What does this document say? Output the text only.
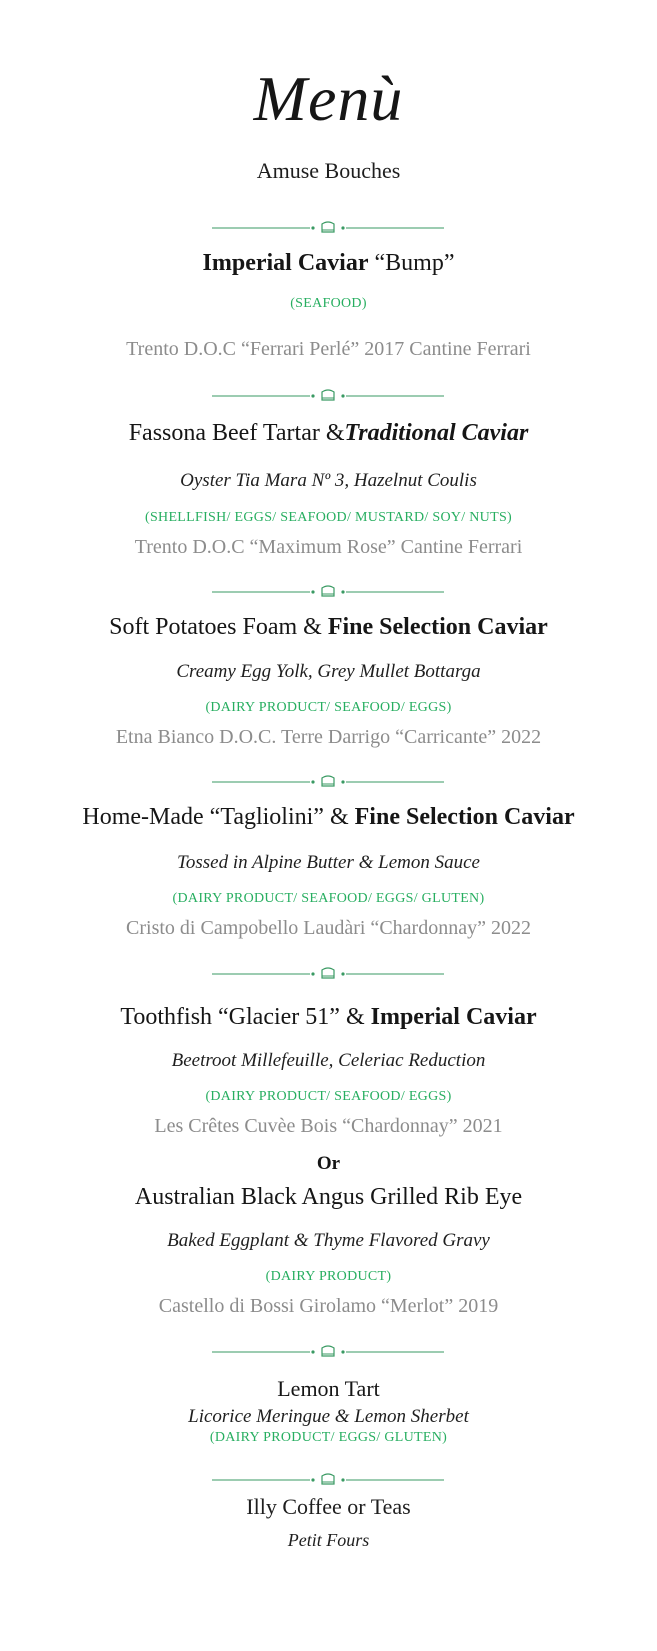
Menù
Amuse Bouches
Imperial Caviar “Bump”
(SEAFOOD)
Trento D.O.C “Ferrari Perlé” 2017 Cantine Ferrari
Fassona Beef Tartar &Traditional Caviar
Oyster Tia Mara Nº 3, Hazelnut Coulis
(SHELLFISH/ EGGS/ SEAFOOD/ MUSTARD/ SOY/ NUTS)
Trento D.O.C “Maximum Rose” Cantine Ferrari
Soft Potatoes Foam & Fine Selection Caviar
Creamy Egg Yolk, Grey Mullet Bottarga
(DAIRY PRODUCT/ SEAFOOD/ EGGS)
Etna Bianco D.O.C. Terre Darrigo “Carricante” 2022
Home-Made “Tagliolini” & Fine Selection Caviar
Tossed in Alpine Butter & Lemon Sauce
(DAIRY PRODUCT/ SEAFOOD/ EGGS/ GLUTEN)
Cristo di Campobello Laudàri “Chardonnay” 2022
Toothfish “Glacier 51” & Imperial Caviar
Beetroot Millefeuille, Celeriac Reduction
(DAIRY PRODUCT/ SEAFOOD/ EGGS)
Les Crêtes Cuvèe Bois “Chardonnay” 2021
Or
Australian Black Angus Grilled Rib Eye
Baked Eggplant & Thyme Flavored Gravy
(DAIRY PRODUCT)
Castello di Bossi Girolamo “Merlot” 2019
Lemon Tart
Licorice Meringue & Lemon Sherbet
(DAIRY PRODUCT/ EGGS/ GLUTEN)
Illy Coffee or Teas
Petit Fours
